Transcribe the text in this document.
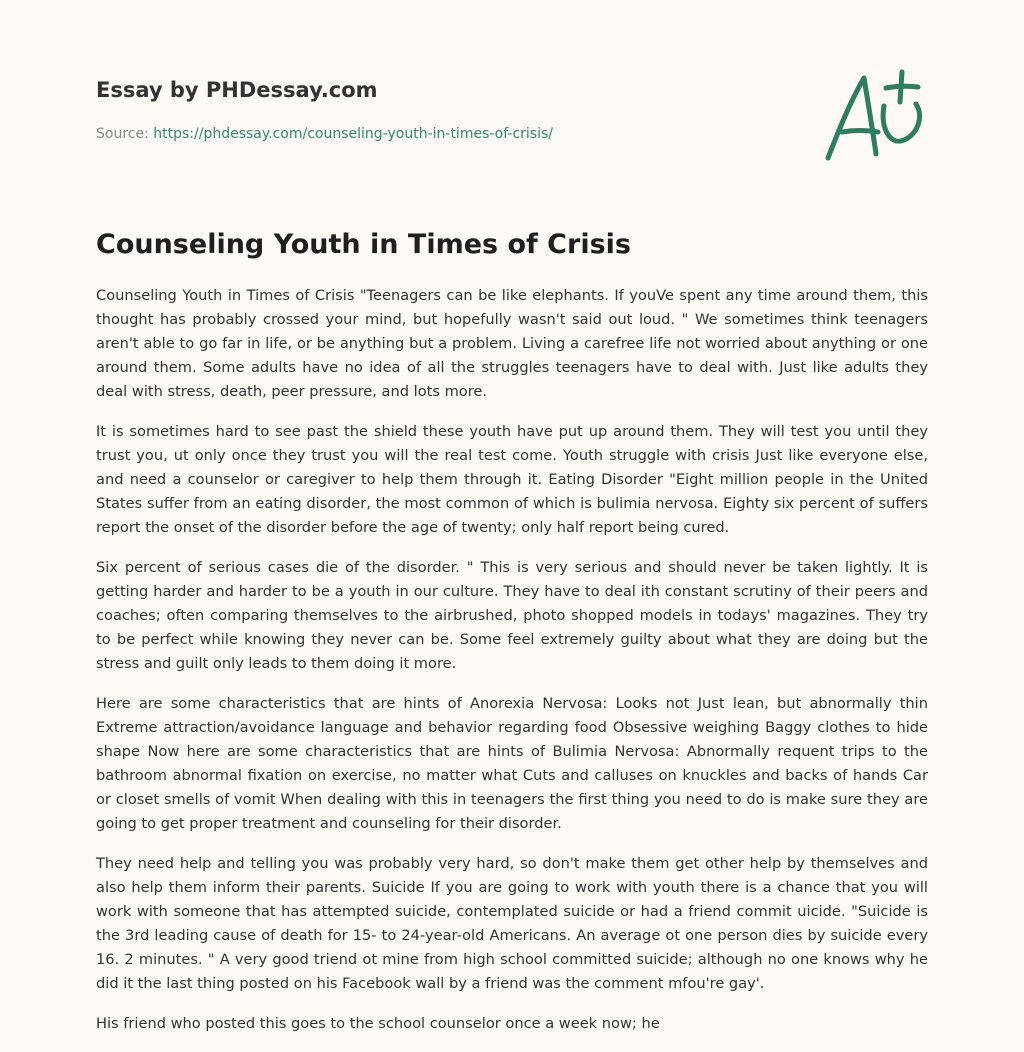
Essay by PHDessay.com

Source: https://phdessay.com/counseling-youth-in-times-of-crisis/
Counseling Youth in Times of Crisis

Counseling Youth in Times of Crisis "Teenagers can be like elephants. If youVe spent any time around them, this thought has probably crossed your mind, but hopefully wasn't said out loud. " We sometimes think teenagers aren't able to go far in life, or be anything but a problem. Living a carefree life not worried about anything or one around them. Some adults have no idea of all the struggles teenagers have to deal with. Just like adults they deal with stress, death, peer pressure, and lots more.

It is sometimes hard to see past the shield these youth have put up around them. They will test you until they trust you, ut only once they trust you will the real test come. Youth struggle with crisis Just like everyone else, and need a counselor or caregiver to help them through it. Eating Disorder "Eight million people in the United States suffer from an eating disorder, the most common of which is bulimia nervosa. Eighty six percent of suffers report the onset of the disorder before the age of twenty; only half report being cured.

Six percent of serious cases die of the disorder. " This is very serious and should never be taken lightly. It is getting harder and harder to be a youth in our culture. They have to deal ith constant scrutiny of their peers and coaches; often comparing themselves to the airbrushed, photo shopped models in todays' magazines. They try to be perfect while knowing they never can be. Some feel extremely guilty about what they are doing but the stress and guilt only leads to them doing it more.

Here are some characteristics that are hints of Anorexia Nervosa: Looks not Just lean, but abnormally thin Extreme attraction/avoidance language and behavior regarding food Obsessive weighing Baggy clothes to hide shape Now here are some characteristics that are hints of Bulimia Nervosa: Abnormally requent trips to the bathroom abnormal fixation on exercise, no matter what Cuts and calluses on knuckles and backs of hands Car or closet smells of vomit When dealing with this in teenagers the first thing you need to do is make sure they are going to get proper treatment and counseling for their disorder.

They need help and telling you was probably very hard, so don't make them get other help by themselves and also help them inform their parents. Suicide If you are going to work with youth there is a chance that you will work with someone that has attempted suicide, contemplated suicide or had a friend commit uicide. "Suicide is the 3rd leading cause of death for 15- to 24-year-old Americans. An average ot one person dies by suicide every 16. 2 minutes. " A very good triend ot mine from high school committed suicide; although no one knows why he did it the last thing posted on his Facebook wall by a friend was the comment mfou're gay'.

His friend who posted this goes to the school counselor once a week now; he
